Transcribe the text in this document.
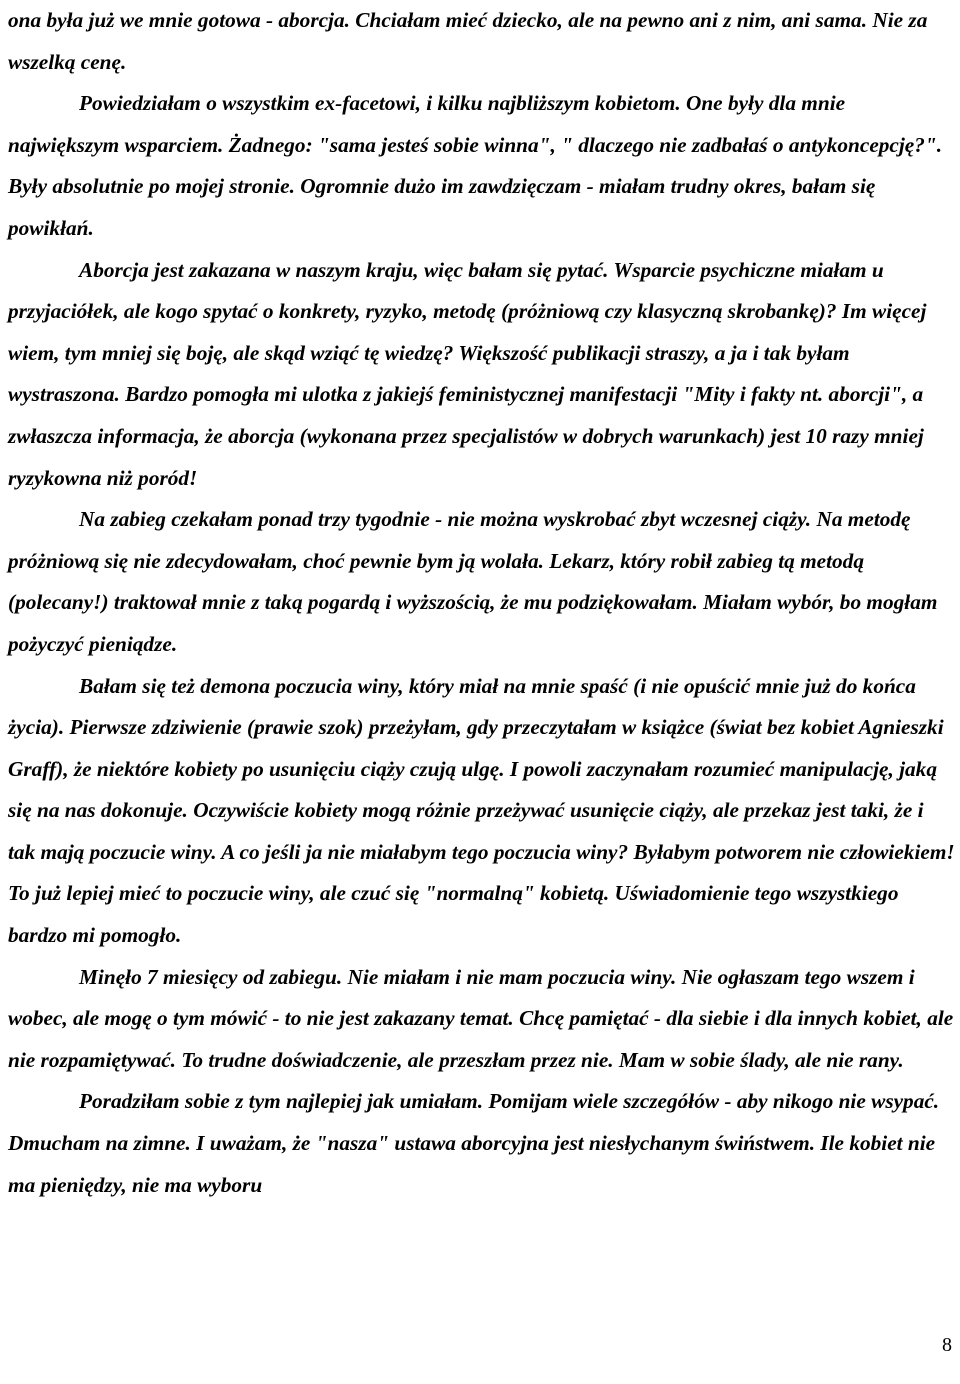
ona była już we mnie gotowa - aborcja. Chciałam mieć dziecko, ale na pewno ani z nim, ani sama. Nie za wszelką cenę.

Powiedziałam o wszystkim ex-facetowi, i kilku najbliższym kobietom. One były dla mnie największym wsparciem. Żadnego: "sama jesteś sobie winna", " dlaczego nie zadbałaś o antykoncepcję?". Były absolutnie po mojej stronie. Ogromnie dużo im zawdzięczam - miałam trudny okres, bałam się powikłań.

Aborcja jest zakazana w naszym kraju, więc bałam się pytać. Wsparcie psychiczne miałam u przyjaciółek, ale kogo spytać o konkrety, ryzyko, metodę (próżniową czy klasyczną skrobankę)? Im więcej wiem, tym mniej się boję, ale skąd wziąć tę wiedzę? Większość publikacji straszy, a ja i tak byłam wystraszona. Bardzo pomogła mi ulotka z jakiejś feministycznej manifestacji "Mity i fakty nt. aborcji", a zwłaszcza informacja, że aborcja (wykonana przez specjalistów w dobrych warunkach) jest 10 razy mniej ryzykowna niż poród!

Na zabieg czekałam ponad trzy tygodnie - nie można wyskrobać zbyt wczesnej ciąży. Na metodę próżniową się nie zdecydowałam, choć pewnie bym ją wolała. Lekarz, który robił zabieg tą metodą (polecany!) traktował mnie z taką pogardą i wyższością, że mu podziękowałam. Miałam wybór, bo mogłam pożyczyć pieniądze.

Bałam się też demona poczucia winy, który miał na mnie spaść (i nie opuścić mnie już do końca życia). Pierwsze zdziwienie (prawie szok) przeżyłam, gdy przeczytałam w książce (świat bez kobiet Agnieszki Graff), że niektóre kobiety po usunięciu ciąży czują ulgę. I powoli zaczynałam rozumieć manipulację, jaką się na nas dokonuje. Oczywiście kobiety mogą różnie przeżywać usunięcie ciąży, ale przekaz jest taki, że i tak mają poczucie winy. A co jeśli ja nie miałabym tego poczucia winy? Byłabym potworem nie człowiekiem! To już lepiej mieć to poczucie winy, ale czuć się "normalną" kobietą. Uświadomienie tego wszystkiego bardzo mi pomogło.

Minęło 7 miesięcy od zabiegu. Nie miałam i nie mam poczucia winy. Nie ogłaszam tego wszem i wobec, ale mogę o tym mówić - to nie jest zakazany temat. Chcę pamiętać - dla siebie i dla innych kobiet, ale nie rozpamiętywać. To trudne doświadczenie, ale przeszłam przez nie. Mam w sobie ślady, ale nie rany.

Poradziłam sobie z tym najlepiej jak umiałam. Pomijam wiele szczegółów - aby nikogo nie wsypać. Dmucham na zimne. I uważam, że "nasza" ustawa aborcyjna jest niesłychanym świństwem. Ile kobiet nie ma pieniędzy, nie ma wyboru

8
